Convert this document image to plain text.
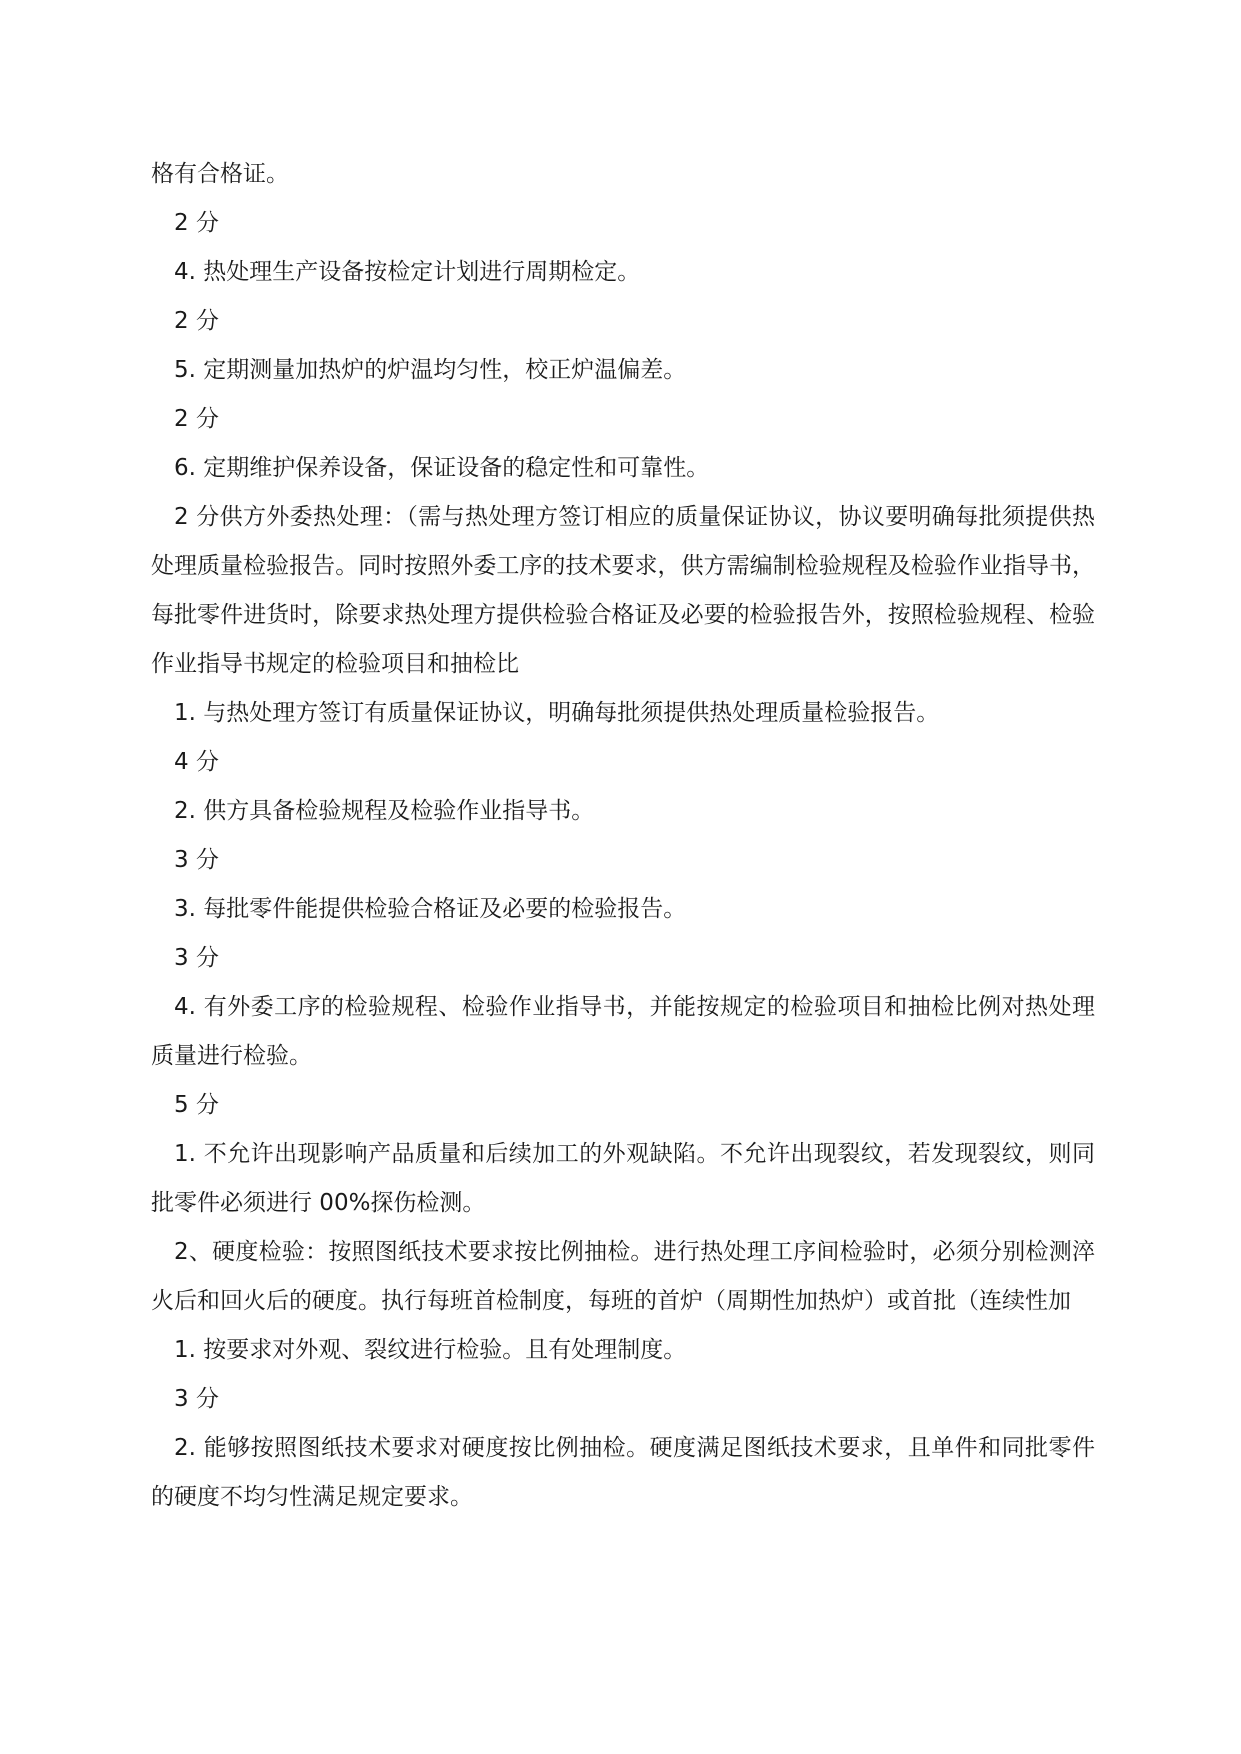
格有合格证。

2 分

4. 热处理生产设备按检定计划进行周期检定。

2 分

5. 定期测量加热炉的炉温均匀性，校正炉温偏差。

2 分

6. 定期维护保养设备，保证设备的稳定性和可靠性。

2 分供方外委热处理：（需与热处理方签订相应的质量保证协议，协议要明确每批须提供热处理质量检验报告。同时按照外委工序的技术要求，供方需编制检验规程及检验作业指导书，每批零件进货时，除要求热处理方提供检验合格证及必要的检验报告外，按照检验规程、检验作业指导书规定的检验项目和抽检比

1. 与热处理方签订有质量保证协议，明确每批须提供热处理质量检验报告。

4 分

2. 供方具备检验规程及检验作业指导书。

3 分

3. 每批零件能提供检验合格证及必要的检验报告。

3 分

4. 有外委工序的检验规程、检验作业指导书，并能按规定的检验项目和抽检比例对热处理质量进行检验。

5 分

1. 不允许出现影响产品质量和后续加工的外观缺陷。不允许出现裂纹，若发现裂纹，则同批零件必须进行 00%探伤检测。

2、硬度检验：按照图纸技术要求按比例抽检。进行热处理工序间检验时，必须分别检测淬火后和回火后的硬度。执行每班首检制度，每班的首炉（周期性加热炉）或首批（连续性加

1. 按要求对外观、裂纹进行检验。且有处理制度。

3 分

2. 能够按照图纸技术要求对硬度按比例抽检。硬度满足图纸技术要求，且单件和同批零件的硬度不均匀性满足规定要求。
